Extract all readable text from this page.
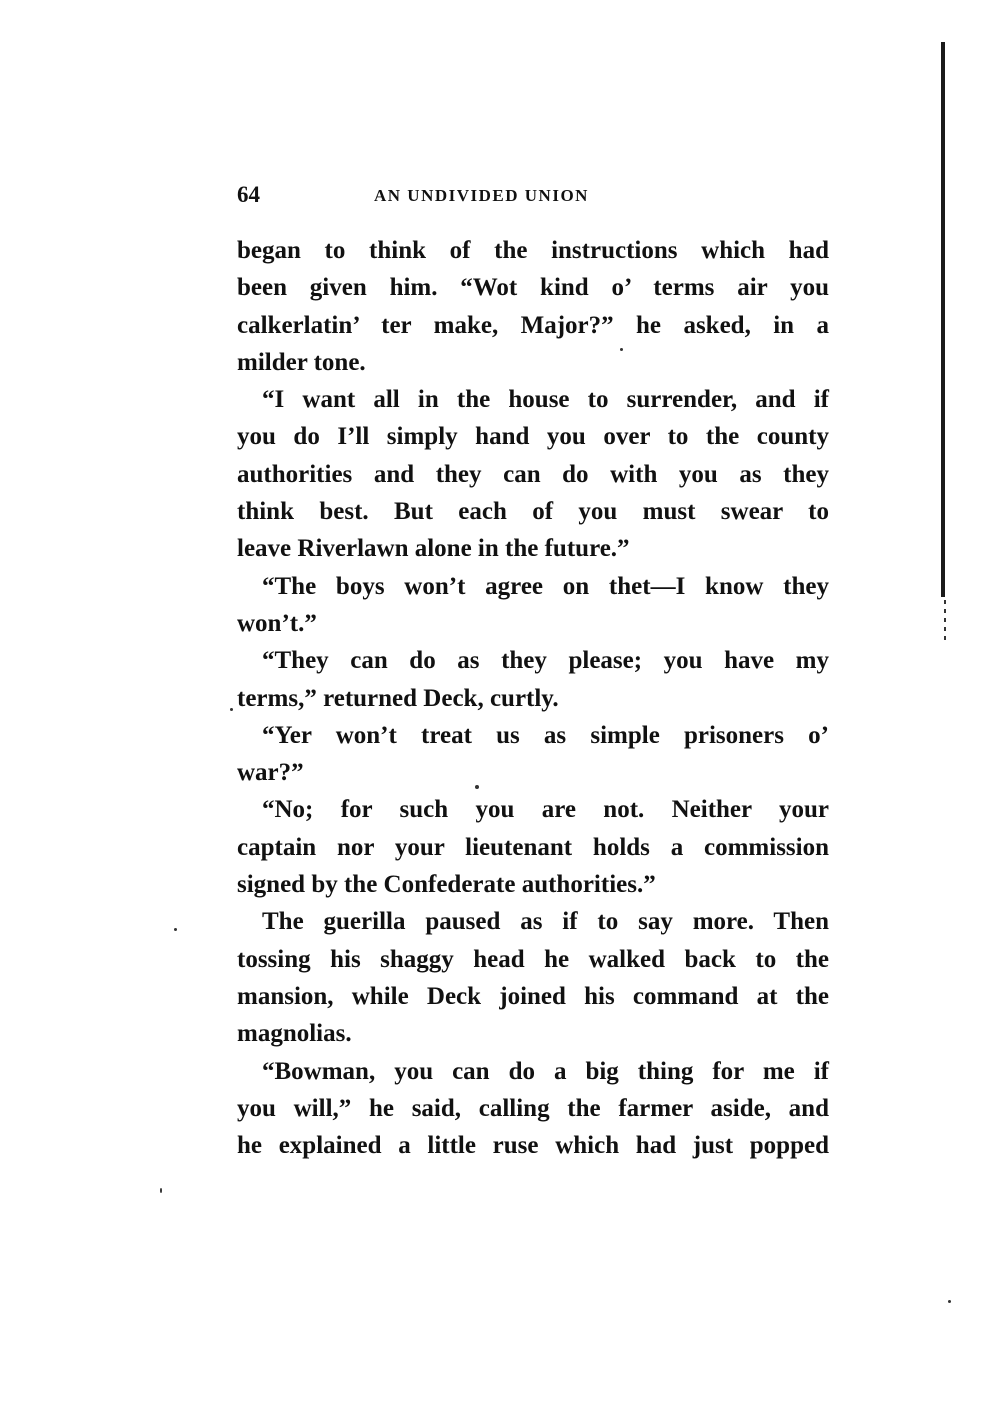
64	AN UNDIVIDED UNION
began to think of the instructions which had
been given him. “Wot kind o’ terms air you
calkerlatin’ ter make, Major?” he asked, in a
milder tone.
“I want all in the house to surrender, and if
you do I’ll simply hand you over to the county
authorities and they can do with you as they
think best. But each of you must swear to
leave Riverlawn alone in the future.”
“The boys won’t agree on thet—I know they
won’t.”
“They can do as they please; you have my
terms,” returned Deck, curtly.
“Yer won’t treat us as simple prisoners o’
war?”
“No; for such you are not. Neither your
captain nor your lieutenant holds a commission
signed by the Confederate authorities.”
The guerilla paused as if to say more. Then
tossing his shaggy head he walked back to the
mansion, while Deck joined his command at the
magnolias.
“Bowman, you can do a big thing for me if
you will,” he said, calling the farmer aside, and
he explained a little ruse which had just popped
